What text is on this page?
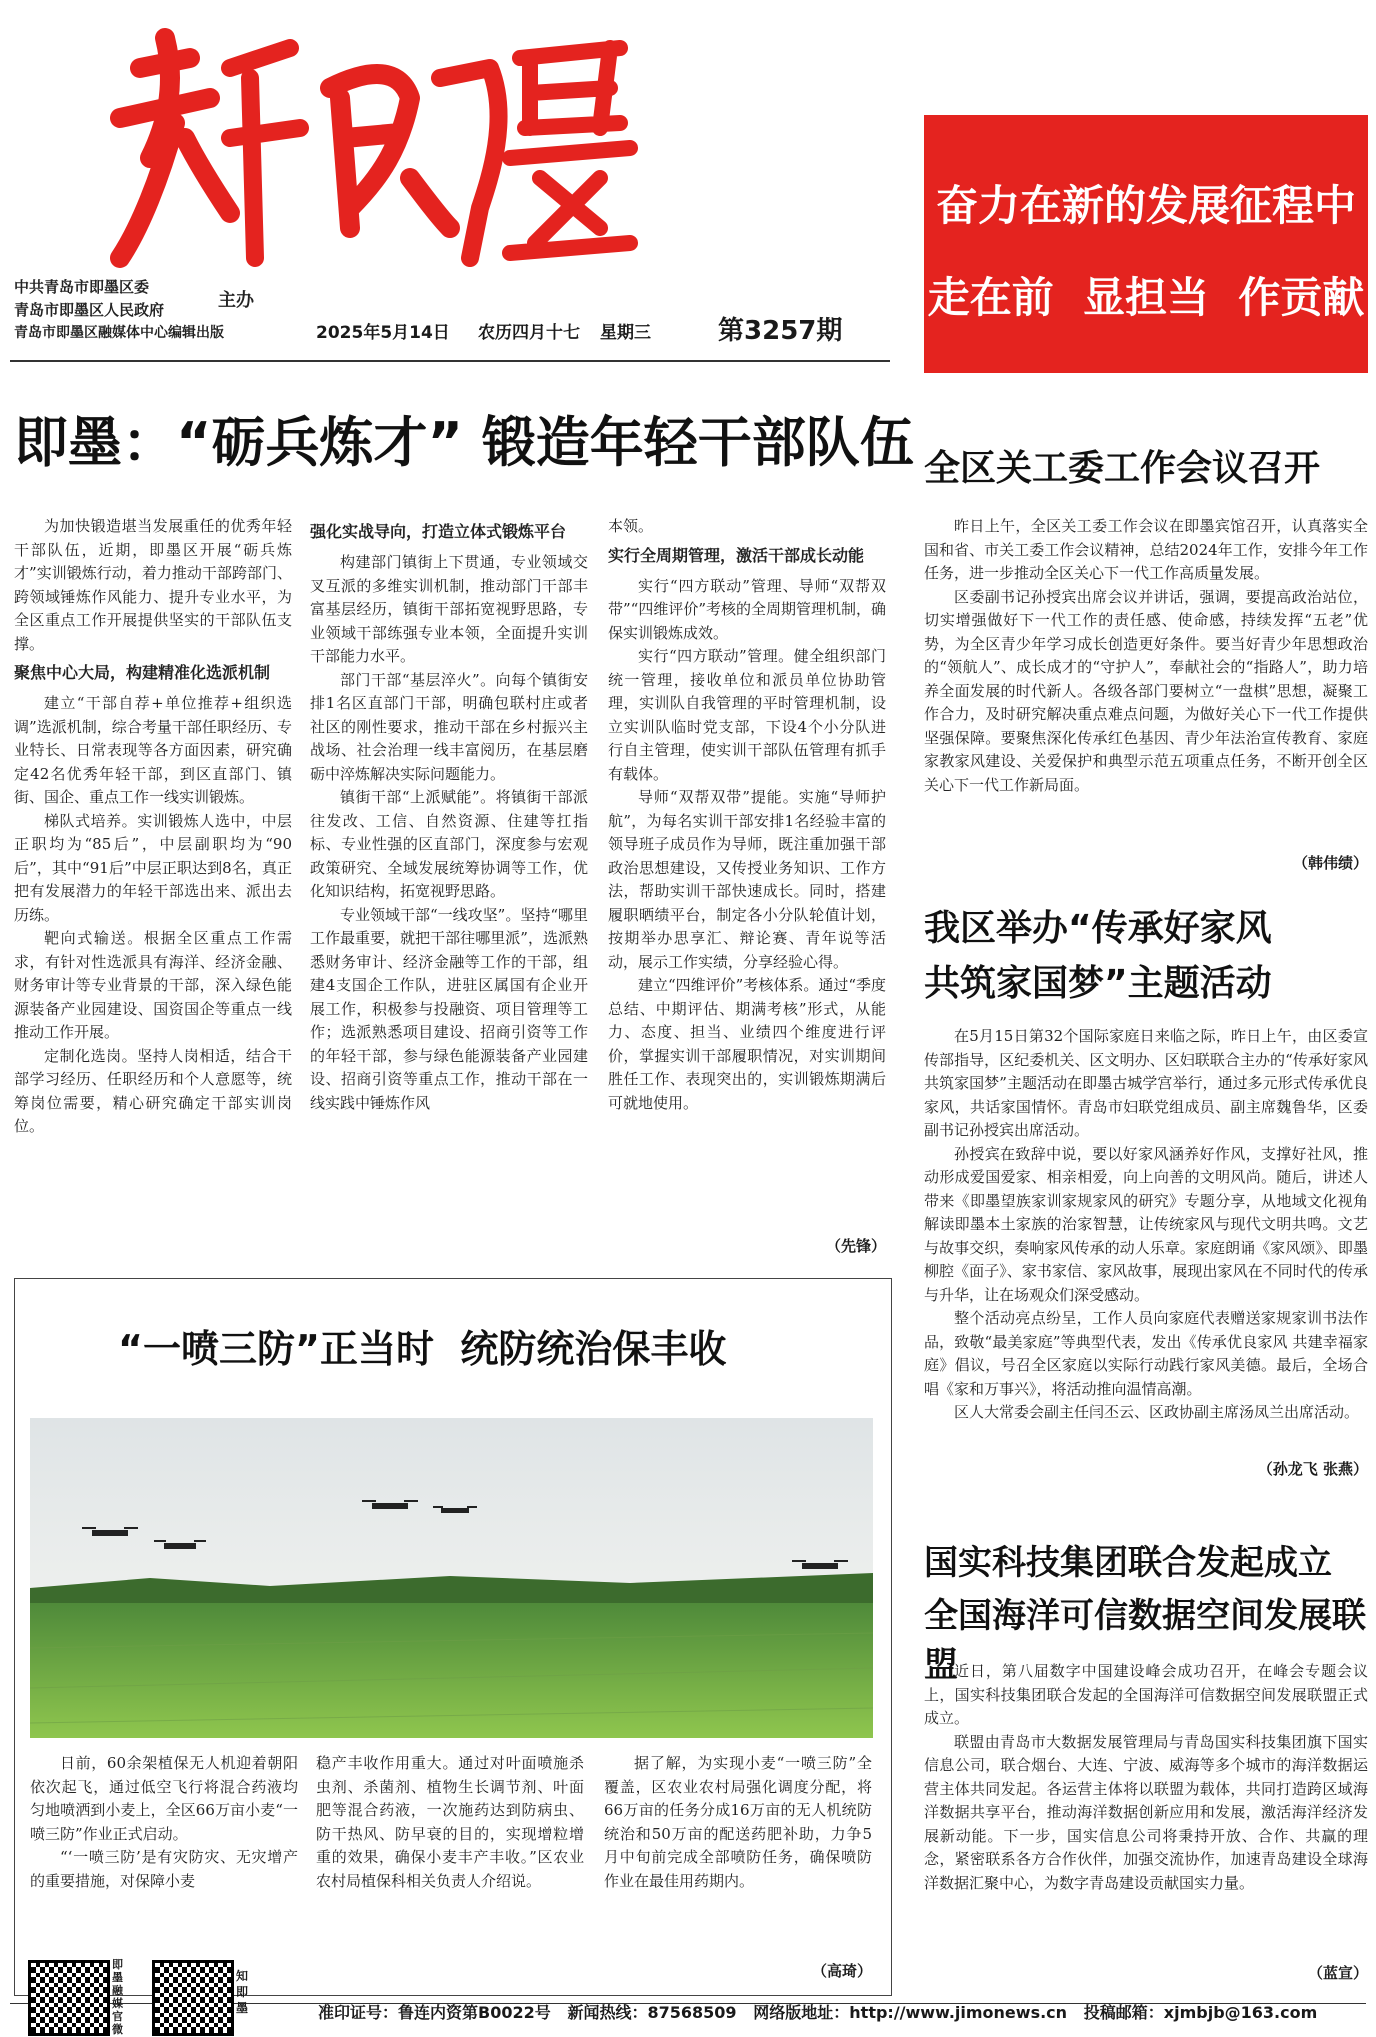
中共青岛市即墨区委
青岛市即墨区人民政府	主办
青岛市即墨区融媒体中心编辑出版	2025年5月14日 农历四月十七 星期三	第3257期
奋力在新的发展征程中
走在前  显担当  作贡献
即墨：“砺兵炼才” 锻造年轻干部队伍

为加快锻造堪当发展重任的优秀年轻干部队伍，近期，即墨区开展“砺兵炼才”实训锻炼行动，着力推动干部跨部门、跨领域锤炼作风能力、提升专业水平，为全区重点工作开展提供坚实的干部队伍支撑。

聚焦中心大局，构建精准化选派机制

建立“干部自荐+单位推荐+组织选调”选派机制，综合考量干部任职经历、专业特长、日常表现等各方面因素，研究确定42名优秀年轻干部，到区直部门、镇街、国企、重点工作一线实训锻炼。

梯队式培养。实训锻炼人选中，中层正职均为“85后”，中层副职均为“90后”，其中“91后”中层正职达到8名，真正把有发展潜力的年轻干部选出来、派出去历练。

靶向式输送。根据全区重点工作需求，有针对性选派具有海洋、经济金融、财务审计等专业背景的干部，深入绿色能源装备产业园建设、国资国企等重点一线推动工作开展。

定制化选岗。坚持人岗相适，结合干部学习经历、任职经历和个人意愿等，统筹岗位需要，精心研究确定干部实训岗位。

强化实战导向，打造立体式锻炼平台

构建部门镇街上下贯通，专业领域交叉互派的多维实训机制，推动部门干部丰富基层经历，镇街干部拓宽视野思路，专业领域干部练强专业本领，全面提升实训干部能力水平。

部门干部“基层淬火”。向每个镇街安排1名区直部门干部，明确包联村庄或者社区的刚性要求，推动干部在乡村振兴主战场、社会治理一线丰富阅历，在基层磨砺中淬炼解决实际问题能力。

镇街干部“上派赋能”。将镇街干部派往发改、工信、自然资源、住建等扛指标、专业性强的区直部门，深度参与宏观政策研究、全域发展统筹协调等工作，优化知识结构，拓宽视野思路。

专业领域干部“一线攻坚”。坚持“哪里工作最重要，就把干部往哪里派”，选派熟悉财务审计、经济金融等工作的干部，组建4支国企工作队，进驻区属国有企业开展工作，积极参与投融资、项目管理等工作；选派熟悉项目建设、招商引资等工作的年轻干部，参与绿色能源装备产业园建设、招商引资等重点工作，推动干部在一线实践中锤炼作风

本领。

实行全周期管理，激活干部成长动能

实行“四方联动”管理、导师“双帮双带”“四维评价”考核的全周期管理机制，确保实训锻炼成效。

实行“四方联动”管理。健全组织部门统一管理，接收单位和派员单位协助管理，实训队自我管理的平时管理机制，设立实训队临时党支部，下设4个小分队进行自主管理，使实训干部队伍管理有抓手有载体。

导师“双帮双带”提能。实施“导师护航”，为每名实训干部安排1名经验丰富的领导班子成员作为导师，既注重加强干部政治思想建设，又传授业务知识、工作方法，帮助实训干部快速成长。同时，搭建履职晒绩平台，制定各小分队轮值计划，按期举办思享汇、辩论赛、青年说等活动，展示工作实绩，分享经验心得。

建立“四维评价”考核体系。通过“季度总结、中期评估、期满考核”形式，从能力、态度、担当、业绩四个维度进行评价，掌握实训干部履职情况，对实训期间胜任工作、表现突出的，实训锻炼期满后可就地使用。

（先锋）
“一喷三防”正当时  统防统治保丰收

日前，60余架植保无人机迎着朝阳依次起飞，通过低空飞行将混合药液均匀地喷洒到小麦上，全区66万亩小麦“一喷三防”作业正式启动。

“‘一喷三防’是有灾防灾、无灾增产的重要措施，对保障小麦

稳产丰收作用重大。通过对叶面喷施杀虫剂、杀菌剂、植物生长调节剂、叶面肥等混合药液，一次施药达到防病虫、防干热风、防早衰的目的，实现增粒增重的效果，确保小麦丰产丰收。”区农业农村局植保科相关负责人介绍说。

据了解，为实现小麦“一喷三防”全覆盖，区农业农村局强化调度分配，将66万亩的任务分成16万亩的无人机统防统治和50万亩的配送药肥补助，力争5月中旬前完成全部喷防任务，确保喷防作业在最佳用药期内。

（高琦）
全区关工委工作会议召开

昨日上午，全区关工委工作会议在即墨宾馆召开，认真落实全国和省、市关工委工作会议精神，总结2024年工作，安排今年工作任务，进一步推动全区关心下一代工作高质量发展。

区委副书记孙授宾出席会议并讲话，强调，要提高政治站位，切实增强做好下一代工作的责任感、使命感，持续发挥“五老”优势，为全区青少年学习成长创造更好条件。要当好青少年思想政治的“领航人”、成长成才的“守护人”，奉献社会的“指路人”，助力培养全面发展的时代新人。各级各部门要树立“一盘棋”思想，凝聚工作合力，及时研究解决重点难点问题，为做好关心下一代工作提供坚强保障。要聚焦深化传承红色基因、青少年法治宣传教育、家庭家教家风建设、关爱保护和典型示范五项重点任务，不断开创全区关心下一代工作新局面。

（韩伟绩）
我区举办“传承好家风
共筑家国梦”主题活动

在5月15日第32个国际家庭日来临之际，昨日上午，由区委宣传部指导，区纪委机关、区文明办、区妇联联合主办的“传承好家风 共筑家国梦”主题活动在即墨古城学宫举行，通过多元形式传承优良家风，共话家国情怀。青岛市妇联党组成员、副主席魏鲁华，区委副书记孙授宾出席活动。

孙授宾在致辞中说，要以好家风涵养好作风，支撑好社风，推动形成爱国爱家、相亲相爱，向上向善的文明风尚。随后，讲述人带来《即墨望族家训家规家风的研究》专题分享，从地域文化视角解读即墨本土家族的治家智慧，让传统家风与现代文明共鸣。文艺与故事交织，奏响家风传承的动人乐章。家庭朗诵《家风颂》、即墨柳腔《面子》、家书家信、家风故事，展现出家风在不同时代的传承与升华，让在场观众们深受感动。

整个活动亮点纷呈，工作人员向家庭代表赠送家规家训书法作品，致敬“最美家庭”等典型代表，发出《传承优良家风 共建幸福家庭》倡议，号召全区家庭以实际行动践行家风美德。最后，全场合唱《家和万事兴》，将活动推向温情高潮。

区人大常委会副主任闫丕云、区政协副主席汤凤兰出席活动。

（孙龙飞 张燕）
国实科技集团联合发起成立
全国海洋可信数据空间发展联盟

近日，第八届数字中国建设峰会成功召开，在峰会专题会议上，国实科技集团联合发起的全国海洋可信数据空间发展联盟正式成立。

联盟由青岛市大数据发展管理局与青岛国实科技集团旗下国实信息公司，联合烟台、大连、宁波、威海等多个城市的海洋数据运营主体共同发起。各运营主体将以联盟为载体，共同打造跨区域海洋数据共享平台，推动海洋数据创新应用和发展，激活海洋经济发展新动能。下一步，国实信息公司将秉持开放、合作、共赢的理念，紧密联系各方合作伙伴，加强交流协作，加速青岛建设全球海洋数据汇聚中心，为数字青岛建设贡献国实力量。

（蓝宣）
即墨融媒官微
知即墨	准印证号：鲁连内资第B0022号 新闻热线：87568509 网络版地址：http://www.jimonews.cn 投稿邮箱：xjmbjb@163.com
